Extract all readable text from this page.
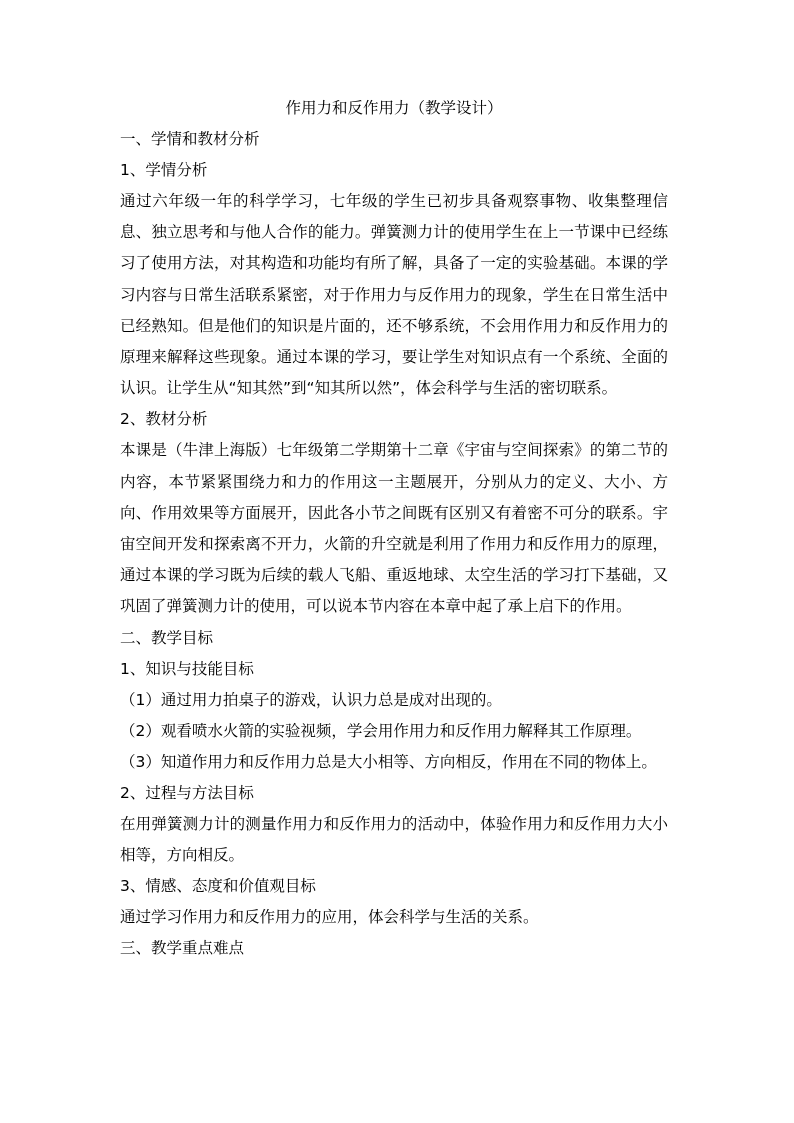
作用力和反作用力（教学设计）

一、学情和教材分析

1、学情分析

通过六年级一年的科学学习，七年级的学生已初步具备观察事物、收集整理信息、独立思考和与他人合作的能力。弹簧测力计的使用学生在上一节课中已经练习了使用方法，对其构造和功能均有所了解，具备了一定的实验基础。本课的学习内容与日常生活联系紧密，对于作用力与反作用力的现象，学生在日常生活中已经熟知。但是他们的知识是片面的，还不够系统，不会用作用力和反作用力的原理来解释这些现象。通过本课的学习，要让学生对知识点有一个系统、全面的认识。让学生从“知其然”到“知其所以然”，体会科学与生活的密切联系。

2、教材分析

本课是（牛津上海版）七年级第二学期第十二章《宇宙与空间探索》的第二节的内容，本节紧紧围绕力和力的作用这一主题展开，分别从力的定义、大小、方向、作用效果等方面展开，因此各小节之间既有区别又有着密不可分的联系。宇宙空间开发和探索离不开力，火箭的升空就是利用了作用力和反作用力的原理，通过本课的学习既为后续的载人飞船、重返地球、太空生活的学习打下基础，又巩固了弹簧测力计的使用，可以说本节内容在本章中起了承上启下的作用。

二、教学目标

1、知识与技能目标

（1）通过用力拍桌子的游戏，认识力总是成对出现的。

（2）观看喷水火箭的实验视频，学会用作用力和反作用力解释其工作原理。

（3）知道作用力和反作用力总是大小相等、方向相反，作用在不同的物体上。

2、过程与方法目标

在用弹簧测力计的测量作用力和反作用力的活动中，体验作用力和反作用力大小相等，方向相反。

3、情感、态度和价值观目标

通过学习作用力和反作用力的应用，体会科学与生活的关系。

三、教学重点难点
